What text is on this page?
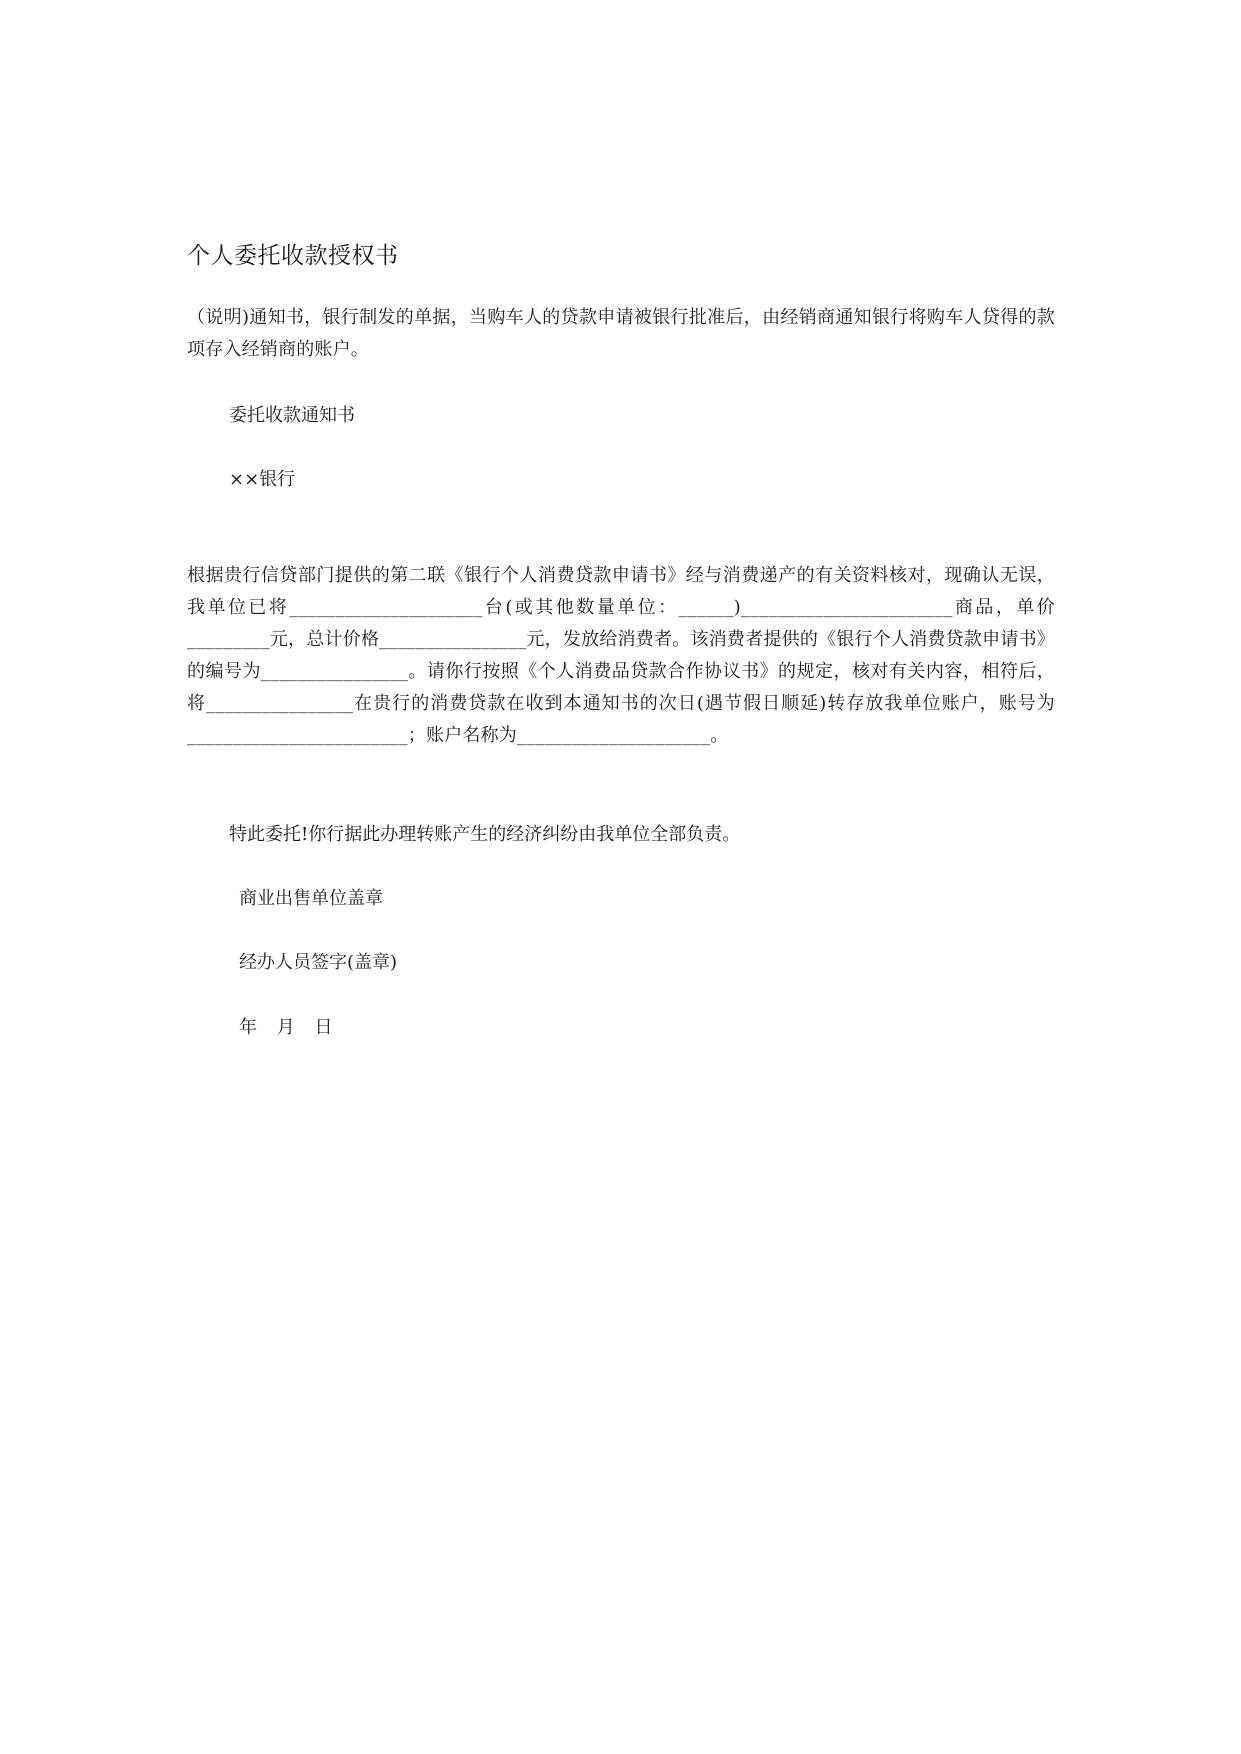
个人委托收款授权书

（说明)通知书，银行制发的单据，当购车人的贷款申请被银行批准后，由经销商通知银行将购车人贷得的款项存入经销商的账户。

委托收款通知书

××银行

根据贵行信贷部门提供的第二联《银行个人消费贷款申请书》经与消费递产的有关资料核对，现确认无误，我单位已将_____________________台(或其他数量单位：______)_______________________商品，单价_________元，总计价格________________元，发放给消费者。该消费者提供的《银行个人消费贷款申请书》的编号为________________。请你行按照《个人消费品贷款合作协议书》的规定，核对有关内容，相符后，将________________在贵行的消费贷款在收到本通知书的次日(遇节假日顺延)转存放我单位账户，账号为________________________；账户名称为_____________________。

特此委托!你行据此办理转账产生的经济纠纷由我单位全部负责。

商业出售单位盖章

经办人员签字(盖章)

年 月 日
